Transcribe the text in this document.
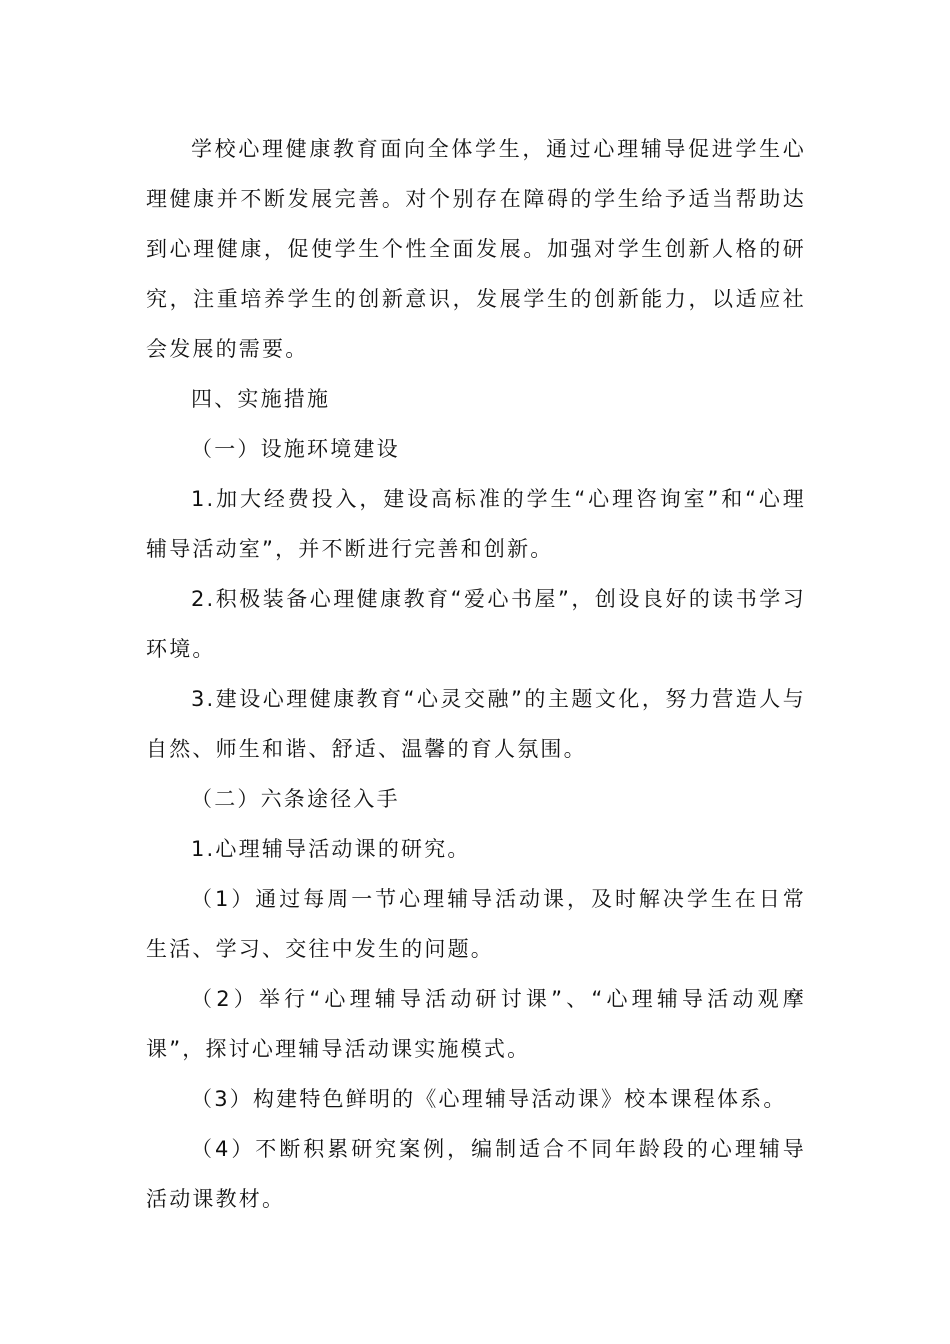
学校心理健康教育面向全体学生，通过心理辅导促进学生心理健康并不断发展完善。对个别存在障碍的学生给予适当帮助达到心理健康，促使学生个性全面发展。加强对学生创新人格的研究，注重培养学生的创新意识，发展学生的创新能力，以适应社会发展的需要。

四、实施措施

（一）设施环境建设

1.加大经费投入，建设高标准的学生“心理咨询室”和“心理辅导活动室”，并不断进行完善和创新。

2.积极装备心理健康教育“爱心书屋”，创设良好的读书学习环境。

3.建设心理健康教育“心灵交融”的主题文化，努力营造人与自然、师生和谐、舒适、温馨的育人氛围。

（二）六条途径入手

1.心理辅导活动课的研究。

（1）通过每周一节心理辅导活动课，及时解决学生在日常生活、学习、交往中发生的问题。

（2）举行“心理辅导活动研讨课”、“心理辅导活动观摩课”，探讨心理辅导活动课实施模式。

（3）构建特色鲜明的《心理辅导活动课》校本课程体系。

（4）不断积累研究案例，编制适合不同年龄段的心理辅导活动课教材。
